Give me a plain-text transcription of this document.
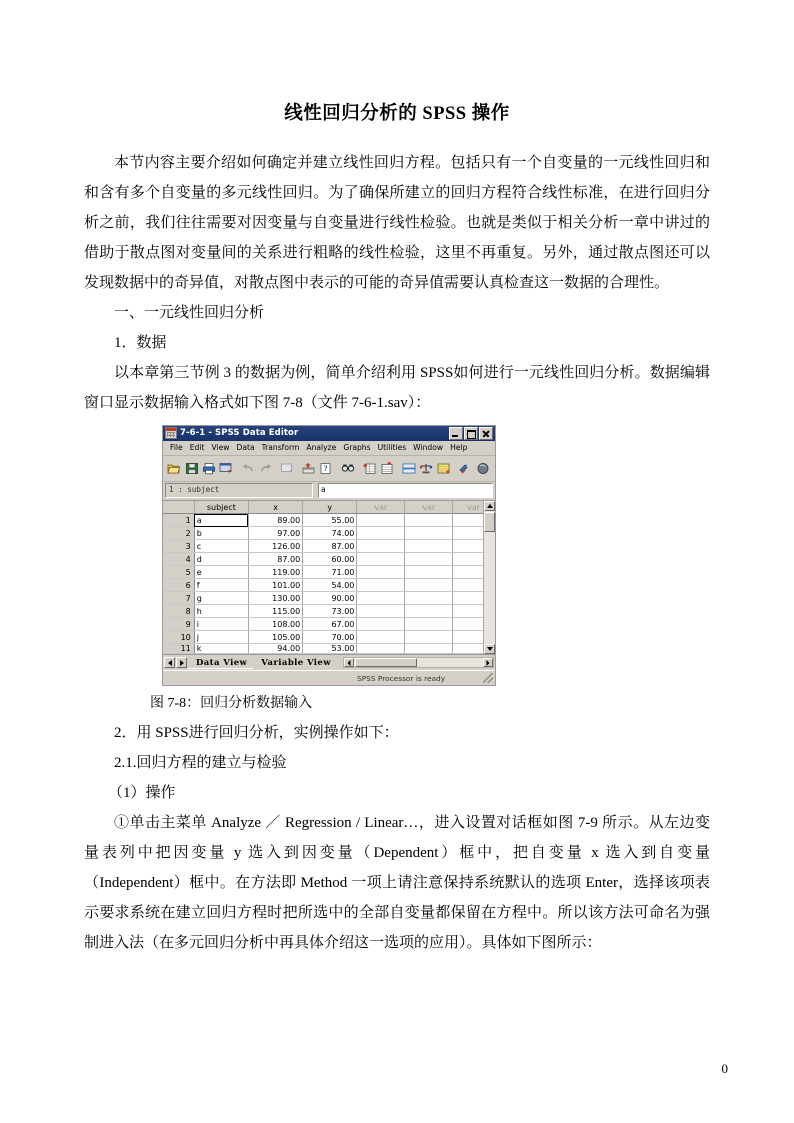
线性回归分析的 SPSS 操作

本节内容主要介绍如何确定并建立线性回归方程。包括只有一个自变量的一元线性回归和和含有多个自变量的多元线性回归。为了确保所建立的回归方程符合线性标准，在进行回归分析之前，我们往往需要对因变量与自变量进行线性检验。也就是类似于相关分析一章中讲过的借助于散点图对变量间的关系进行粗略的线性检验，这里不再重复。另外，通过散点图还可以发现数据中的奇异值，对散点图中表示的可能的奇异值需要认真检查这一数据的合理性。

一、一元线性回归分析

1．数据

以本章第三节例 3 的数据为例，简单介绍利用 SPSS如何进行一元线性回归分析。数据编辑窗口显示数据输入格式如下图 7-8（文件 7-6-1.sav）：

7-6-1 - SPSS Data Editor
File Edit View Data Transform Analyze Graphs Utilities Window Help
?
1 : subject	a
	subject	x	y	var	var	var
1	a	89.00	55.00			
2	b	97.00	74.00			
3	c	126.00	87.00			
4	d	87.00	60.00			
5	e	119.00	71.00			
6	f	101.00	54.00			
7	g	130.00	90.00			
8	h	115.00	73.00			
9	i	108.00	67.00			
10	j	105.00	70.00			
11	k	94.00	53.00			
Data View	Variable View
SPSS Processor is ready

图 7-8：回归分析数据输入

2．用 SPSS进行回归分析，实例操作如下：

2.1.回归方程的建立与检验

（1）操作

①单击主菜单 Analyze ／ Regression / Linear…，进入设置对话框如图 7-9 所示。从左边变量表列中把因变量 y 选入到因变量（Dependent）框中，把自变量 x 选入到自变量（Independent）框中。在方法即 Method 一项上请注意保持系统默认的选项 Enter，选择该项表示要求系统在建立回归方程时把所选中的全部自变量都保留在方程中。所以该方法可命名为强制进入法（在多元回归分析中再具体介绍这一选项的应用）。具体如下图所示：

0
